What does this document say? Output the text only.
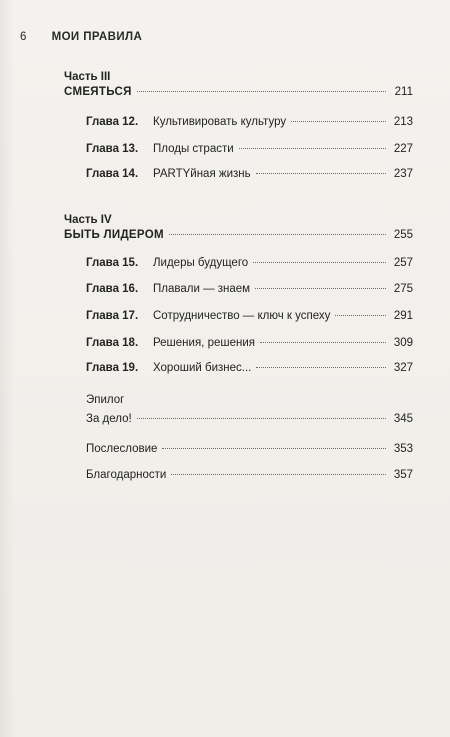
6 МОИ ПРАВИЛА
Часть III
СМЕЯТЬСЯ	211
Глава 12.	Культивировать культуру	213
Глава 13.	Плоды страсти	227
Глава 14.	PARTYйная жизнь	237
Часть IV
БЫТЬ ЛИДЕРОМ	255
Глава 15.	Лидеры будущего	257
Глава 16.	Плавали — знаем	275
Глава 17.	Сотрудничество — ключ к успеху	291
Глава 18.	Решения, решения	309
Глава 19.	Хороший бизнес...	327
Эпилог
За дело!	345
Послесловие	353
Благодарности	357
